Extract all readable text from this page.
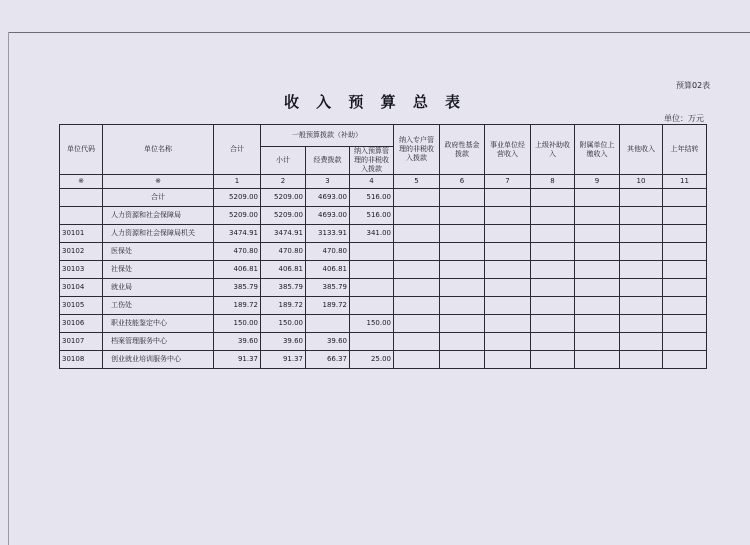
预算02表
收 入 预 算 总 表
单位：万元
单位代码	单位名称	合计	一般预算拨款（补助）			纳入专户管理的非税收入拨款	政府性基金拨款	事业单位经营收入	上级补助收入	附属单位上缴收入	其他收入	上年结转
			小计	经费拨款	纳入预算管理的非税收入拨款							
※	※	1	2	3	4	5	6	7	8	9	10	11
	合计	5209.00	5209.00	4693.00	516.00							
	人力资源和社会保障局	5209.00	5209.00	4693.00	516.00							
30101	人力资源和社会保障局机关	3474.91	3474.91	3133.91	341.00							
30102	医保处	470.80	470.80	470.80								
30103	社保处	406.81	406.81	406.81								
30104	就业局	385.79	385.79	385.79								
30105	工伤处	189.72	189.72	189.72								
30106	职业技能鉴定中心	150.00	150.00		150.00							
30107	档案管理服务中心	39.60	39.60	39.60								
30108	创业就业培训服务中心	91.37	91.37	66.37	25.00							
